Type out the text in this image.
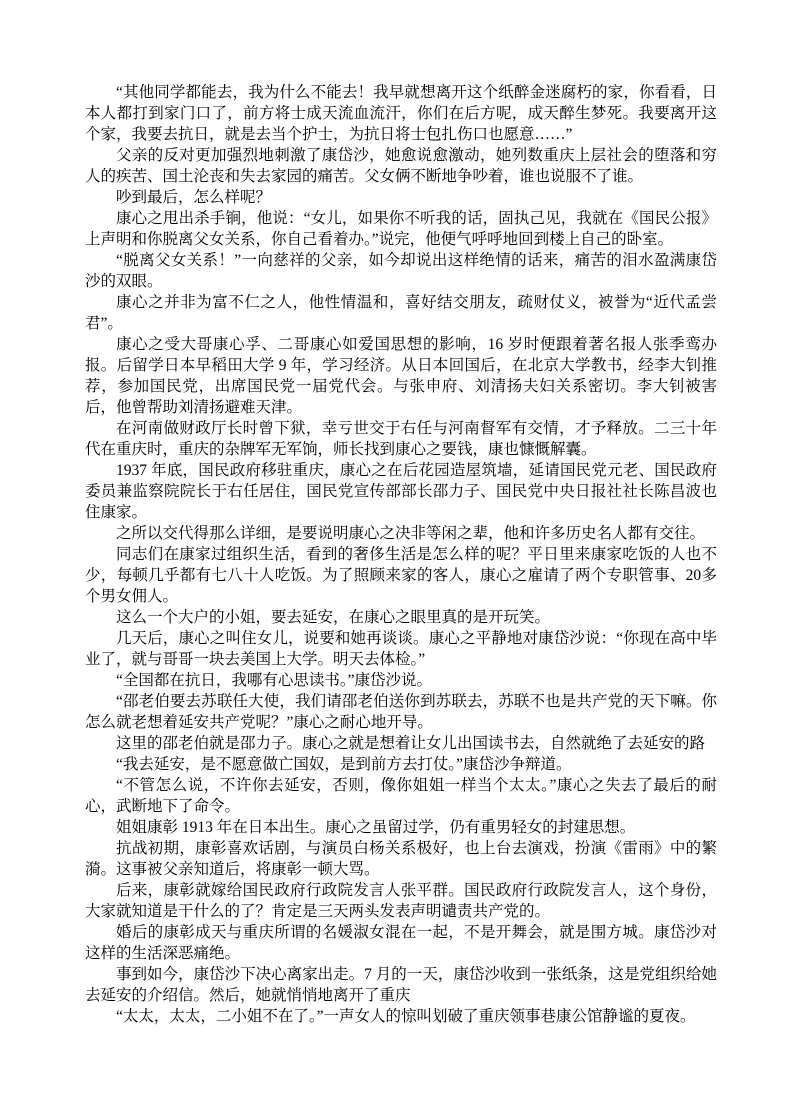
“其他同学都能去，我为什么不能去！我早就想离开这个纸醉金迷腐朽的家，你看看，日本人都打到家门口了，前方将士成天流血流汗，你们在后方呢，成天醉生梦死。我要离开这个家，我要去抗日，就是去当个护士，为抗日将士包扎伤口也愿意……”

父亲的反对更加强烈地刺激了康岱沙，她愈说愈激动，她列数重庆上层社会的堕落和穷人的疾苦、国土沦丧和失去家园的痛苦。父女俩不断地争吵着，谁也说服不了谁。

吵到最后，怎么样呢？

康心之甩出杀手锏，他说：“女儿，如果你不听我的话，固执己见，我就在《国民公报》上声明和你脱离父女关系，你自己看着办。”说完，他便气呼呼地回到楼上自己的卧室。

“脱离父女关系！”一向慈祥的父亲，如今却说出这样绝情的话来，痛苦的泪水盈满康岱沙的双眼。

康心之并非为富不仁之人，他性情温和，喜好结交朋友，疏财仗义，被誉为“近代孟尝君”。

康心之受大哥康心孚、二哥康心如爱国思想的影响，16 岁时便跟着著名报人张季鸾办报。后留学日本早稻田大学 9 年，学习经济。从日本回国后，在北京大学教书，经李大钊推荐，参加国民党，出席国民党一届党代会。与张申府、刘清扬夫妇关系密切。李大钊被害后，他曾帮助刘清扬避难天津。

在河南做财政厅长时曾下狱，幸亏世交于右任与河南督军有交情，才予释放。二三十年代在重庆时，重庆的杂牌军无军饷，师长找到康心之要钱，康也慷慨解囊。

1937 年底，国民政府移驻重庆，康心之在后花园造屋筑墙，延请国民党元老、国民政府委员兼监察院院长于右任居住，国民党宣传部部长邵力子、国民党中央日报社社长陈昌波也住康家。

之所以交代得那么详细，是要说明康心之决非等闲之辈，他和许多历史名人都有交往。

同志们在康家过组织生活，看到的奢侈生活是怎么样的呢？平日里来康家吃饭的人也不少，每顿几乎都有七八十人吃饭。为了照顾来家的客人，康心之雇请了两个专职管事、20多个男女佣人。

这么一个大户的小姐，要去延安，在康心之眼里真的是开玩笑。

几天后，康心之叫住女儿，说要和她再谈谈。康心之平静地对康岱沙说：“你现在高中毕业了，就与哥哥一块去美国上大学。明天去体检。”

“全国都在抗日，我哪有心思读书。”康岱沙说。

“邵老伯要去苏联任大使，我们请邵老伯送你到苏联去，苏联不也是共产党的天下嘛。你怎么就老想着延安共产党呢？”康心之耐心地开导。

这里的邵老伯就是邵力子。康心之就是想着让女儿出国读书去，自然就绝了去延安的路

“我去延安，是不愿意做亡国奴，是到前方去打仗。”康岱沙争辩道。

“不管怎么说，不许你去延安，否则，像你姐姐一样当个太太。”康心之失去了最后的耐心，武断地下了命令。

姐姐康彰 1913 年在日本出生。康心之虽留过学，仍有重男轻女的封建思想。

抗战初期，康彰喜欢话剧，与演员白杨关系极好，也上台去演戏，扮演《雷雨》中的繁漪。这事被父亲知道后，将康彰一顿大骂。

后来，康彰就嫁给国民政府行政院发言人张平群。国民政府行政院发言人，这个身份，大家就知道是干什么的了？肯定是三天两头发表声明谴责共产党的。

婚后的康彰成天与重庆所谓的名媛淑女混在一起，不是开舞会，就是围方城。康岱沙对这样的生活深恶痛绝。

事到如今，康岱沙下决心离家出走。7 月的一天，康岱沙收到一张纸条，这是党组织给她去延安的介绍信。然后，她就悄悄地离开了重庆

“太太，太太，二小姐不在了。”一声女人的惊叫划破了重庆领事巷康公馆静谧的夏夜。
